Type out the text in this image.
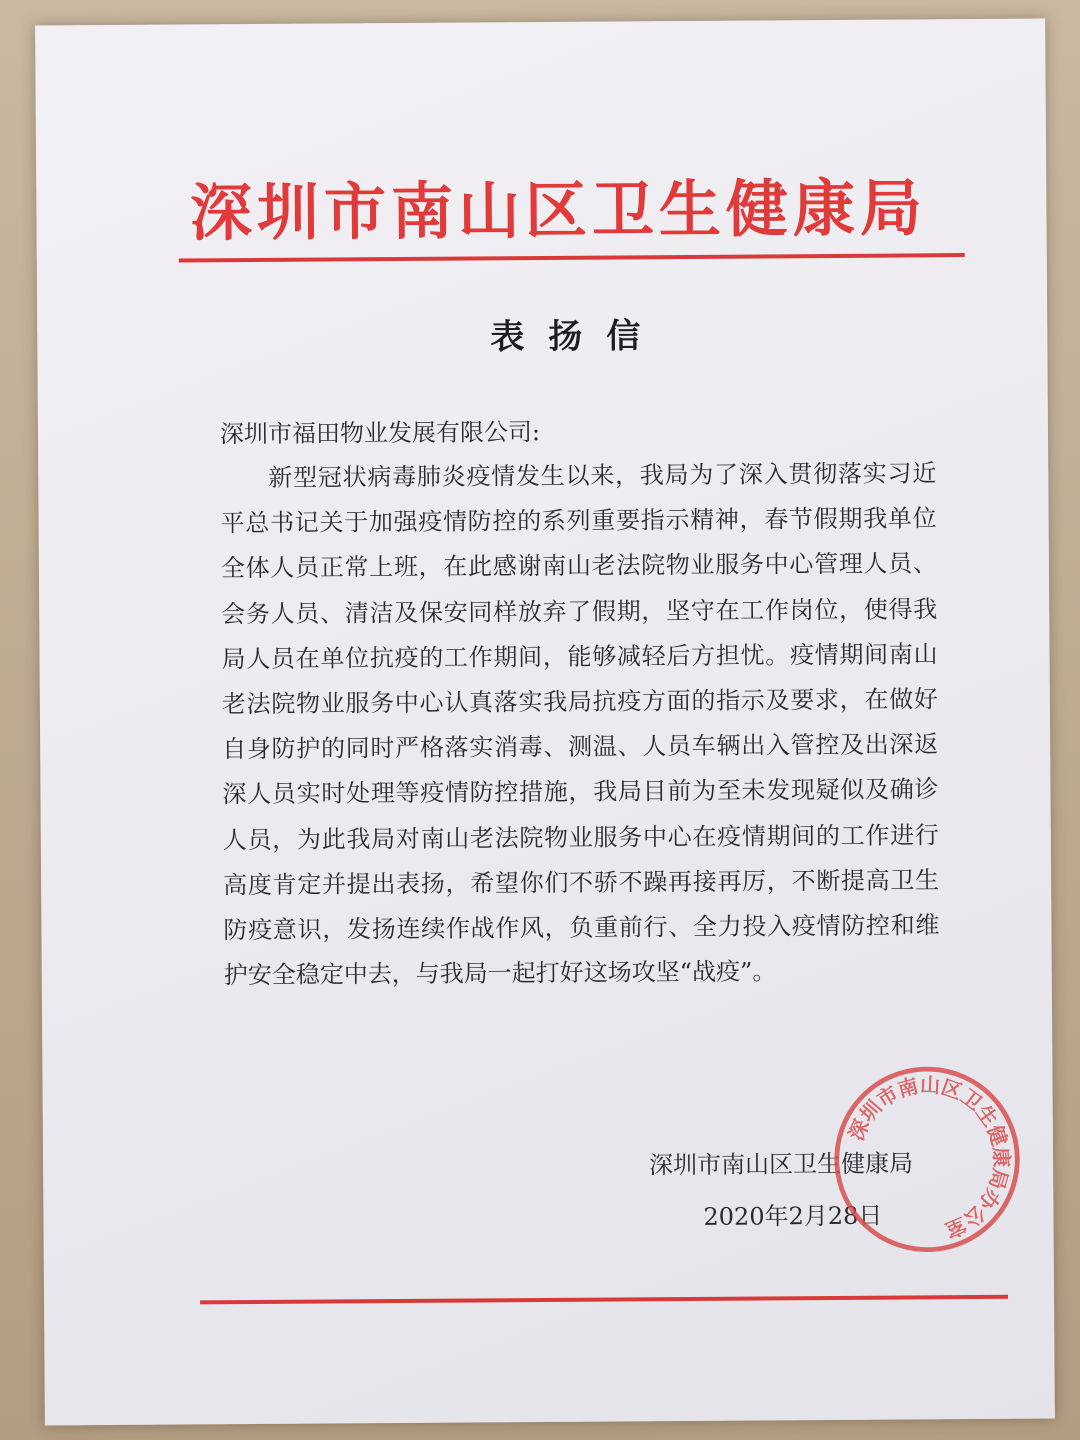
深圳市南山区卫生健康局
表扬信
深圳市福田物业发展有限公司:

新型冠状病毒肺炎疫情发生以来，我局为了深入贯彻落实习近平总书记关于加强疫情防控的系列重要指示精神，春节假期我单位全体人员正常上班，在此感谢南山老法院物业服务中心管理人员、会务人员、清洁及保安同样放弃了假期，坚守在工作岗位，使得我局人员在单位抗疫的工作期间，能够减轻后方担忧。疫情期间南山老法院物业服务中心认真落实我局抗疫方面的指示及要求，在做好自身防护的同时严格落实消毒、测温、人员车辆出入管控及出深返深人员实时处理等疫情防控措施，我局目前为至未发现疑似及确诊人员，为此我局对南山老法院物业服务中心在疫情期间的工作进行高度肯定并提出表扬，希望你们不骄不躁再接再厉，不断提高卫生防疫意识，发扬连续作战作风，负重前行、全力投入疫情防控和维护安全稳定中去，与我局一起打好这场攻坚“战疫”。

深圳市南山区卫生健康局
2020年2月28日
深圳市南山区卫生健康局办公室
